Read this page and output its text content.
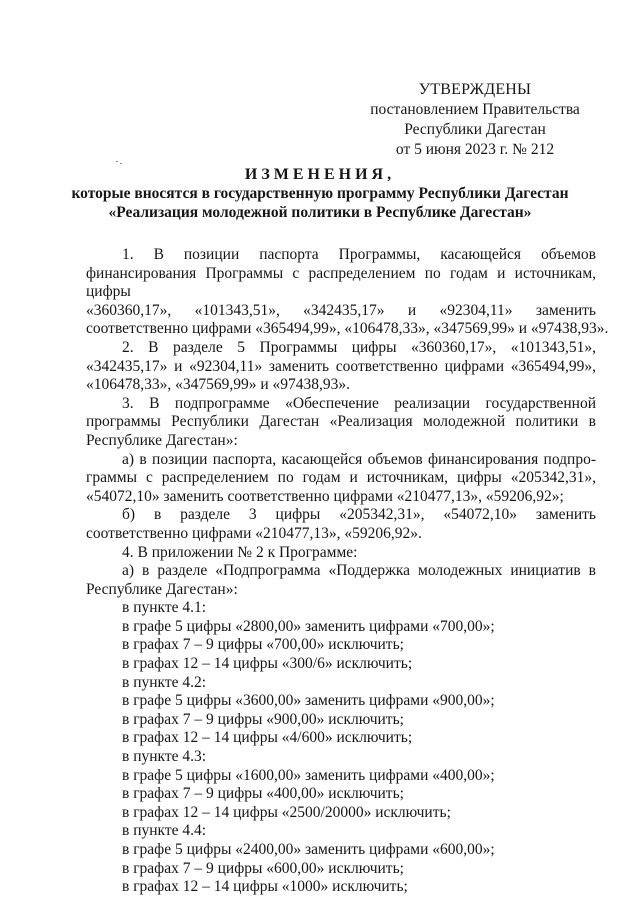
УТВЕРЖДЕНЫ
постановлением Правительства
Республики Дагестан
от 5 июня 2023 г. № 212
ИЗМЕНЕНИЯ,
которые вносятся в государственную программу Республики Дагестан
«Реализация молодежной политики в Республике Дагестан»

1. В позиции паспорта Программы, касающейся объемов

финансирования Программы с распределением по годам и источникам, цифры

«360360,17», «101343,51», «342435,17» и «92304,11» заменить

соответственно цифрами «365494,99», «106478,33», «347569,99» и «97438,93».

2. В разделе 5 Программы цифры «360360,17», «101343,51», «342435,17» и «92304,11» заменить соответственно цифрами «365494,99», «106478,33», «347569,99» и «97438,93».

3. В подпрограмме «Обеспечение реализации государственной программы Республики Дагестан «Реализация молодежной политики в Республике Дагестан»:

а) в позиции паспорта, касающейся объемов финансирования подпро-граммы с распределением по годам и источникам, цифры «205342,31», «54072,10» заменить соответственно цифрами «210477,13», «59206,92»;

б) в разделе 3 цифры «205342,31», «54072,10» заменить соответственно цифрами «210477,13», «59206,92».

4. В приложении № 2 к Программе:

а) в разделе «Подпрограмма «Поддержка молодежных инициатив в Республике Дагестан»:

в пункте 4.1:

в графе 5 цифры «2800,00» заменить цифрами «700,00»;

в графах 7 – 9 цифры «700,00» исключить;

в графах 12 – 14 цифры «300/6» исключить;

в пункте 4.2:

в графе 5 цифры «3600,00» заменить цифрами «900,00»;

в графах 7 – 9 цифры «900,00» исключить;

в графах 12 – 14 цифры «4/600» исключить;

в пункте 4.3:

в графе 5 цифры «1600,00» заменить цифрами «400,00»;

в графах 7 – 9 цифры «400,00» исключить;

в графах 12 – 14 цифры «2500/20000» исключить;

в пункте 4.4:

в графе 5 цифры «2400,00» заменить цифрами «600,00»;

в графах 7 – 9 цифры «600,00» исключить;

в графах 12 – 14 цифры «1000» исключить;
